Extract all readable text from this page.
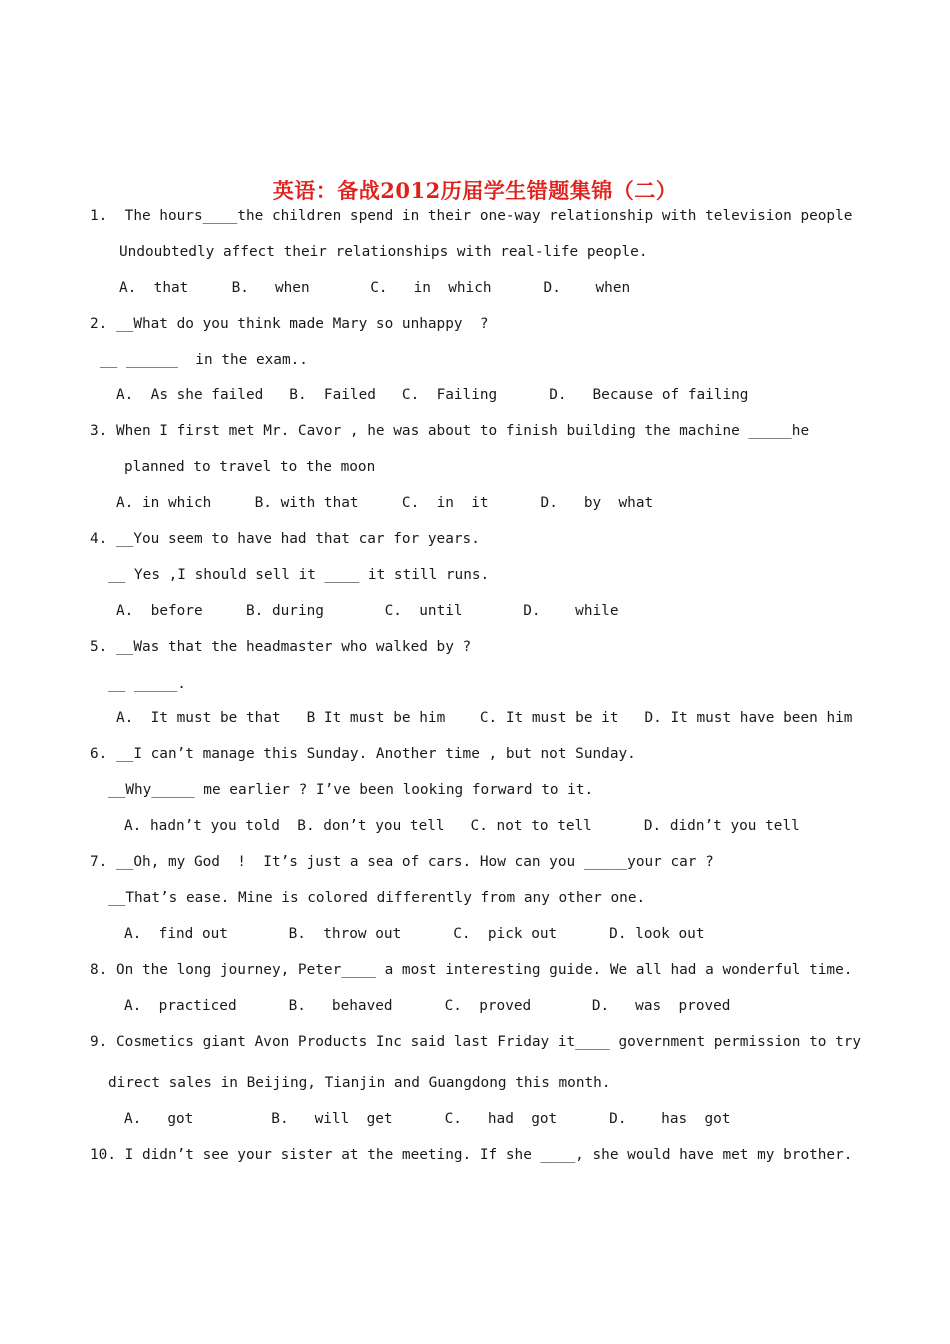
英语：备战2012历届学生错题集锦（二）

1.  The hours____the children spend in their one-way relationship with television people

Undoubtedly affect their relationships with real-life people.

A.  that     B.   when       C.   in  which      D.    when

2. __What do you think made Mary so unhappy  ?

__ ______  in the exam..

A.  As she failed   B.  Failed   C.  Failing      D.   Because of failing

3. When I first met Mr. Cavor , he was about to finish building the machine _____he

planned to travel to the moon

A. in which     B. with that     C.  in  it      D.   by  what

4. __You seem to have had that car for years.

__ Yes ,I should sell it ____ it still runs.

A.  before     B. during       C.  until       D.    while

5. __Was that the headmaster who walked by ?

__ _____.

A.  It must be that   B It must be him    C. It must be it   D. It must have been him

6. __I can’t manage this Sunday. Another time , but not Sunday.

__Why_____ me earlier ? I’ve been looking forward to it.

A. hadn’t you told  B. don’t you tell   C. not to tell      D. didn’t you tell

7. __Oh, my God  !  It’s just a sea of cars. How can you _____your car ?

__That’s ease. Mine is colored differently from any other one.

A.  find out       B.  throw out      C.  pick out      D. look out

8. On the long journey, Peter____ a most interesting guide. We all had a wonderful time.

A.  practiced      B.   behaved      C.  proved       D.   was  proved

9. Cosmetics giant Avon Products Inc said last Friday it____ government permission to try

direct sales in Beijing, Tianjin and Guangdong this month.

A.   got         B.   will  get      C.   had  got      D.    has  got

10. I didn’t see your sister at the meeting. If she ____, she would have met my brother.
